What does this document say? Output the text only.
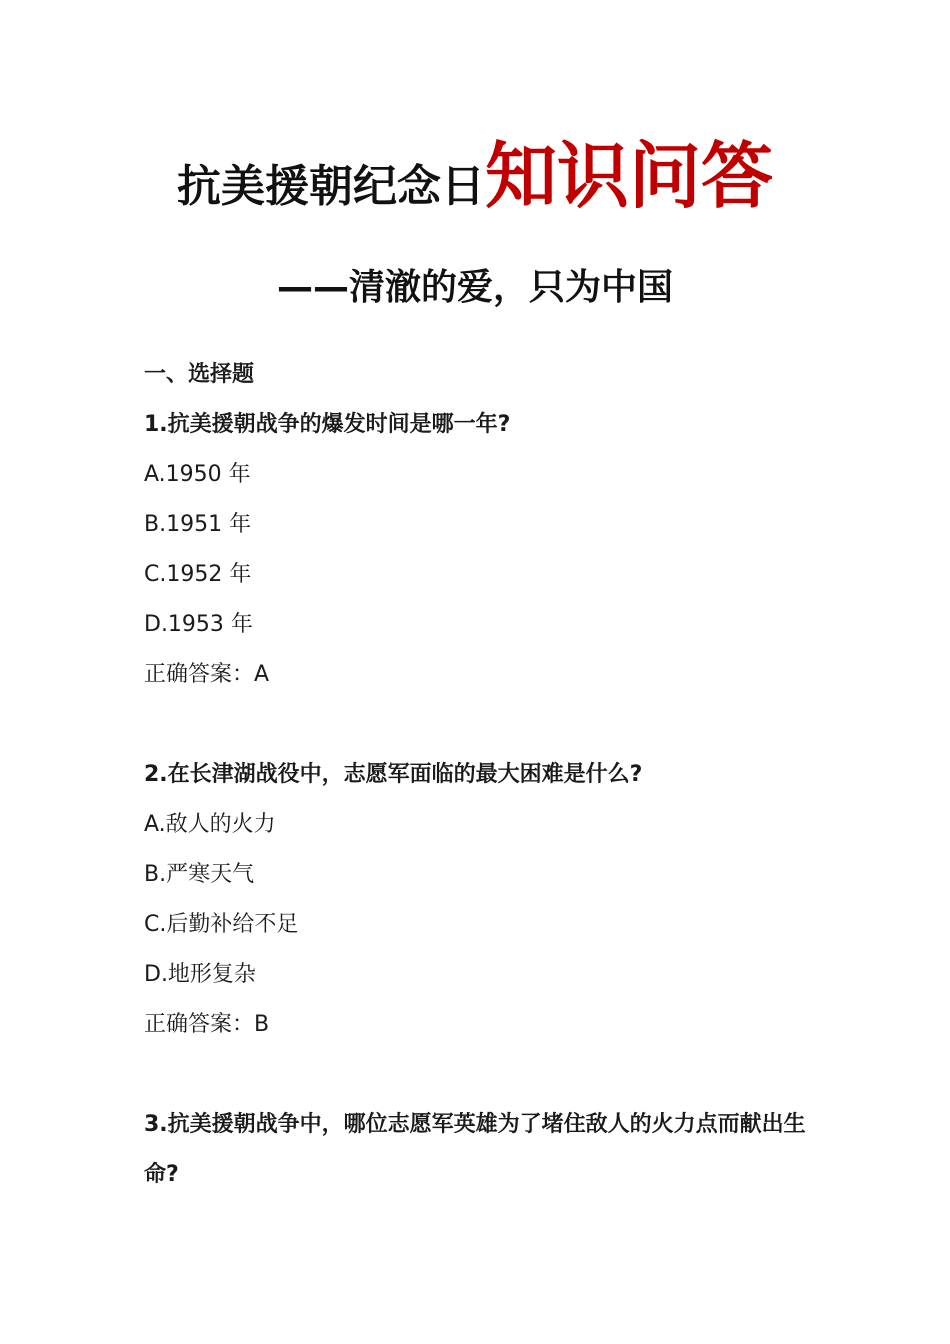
抗美援朝纪念日知识问答
——清澈的爱，只为中国
一、选择题
1.抗美援朝战争的爆发时间是哪一年?
A.1950 年
B.1951 年
C.1952 年
D.1953 年
正确答案：A
2.在长津湖战役中，志愿军面临的最大困难是什么?
A.敌人的火力
B.严寒天气
C.后勤补给不足
D.地形复杂
正确答案：B
3.抗美援朝战争中，哪位志愿军英雄为了堵住敌人的火力点而献出生命?
